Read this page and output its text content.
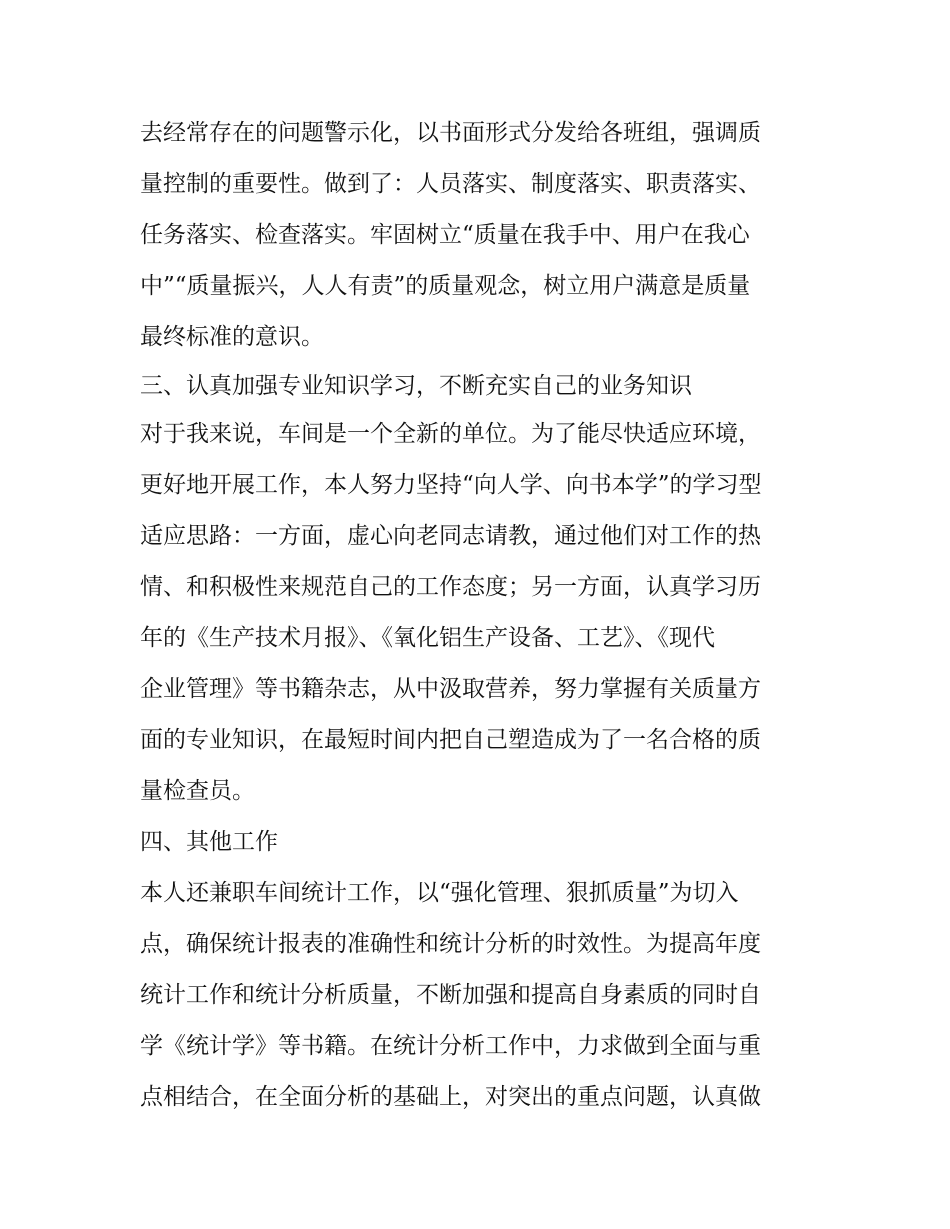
去经常存在的问题警示化，以书面形式分发给各班组，强调质
量控制的重要性。做到了：人员落实、制度落实、职责落实、
任务落实、检查落实。牢固树立“质量在我手中、用户在我心
中”“质量振兴，人人有责”的质量观念，树立用户满意是质量
最终标准的意识。
三、认真加强专业知识学习，不断充实自己的业务知识
对于我来说，车间是一个全新的单位。为了能尽快适应环境，
更好地开展工作，本人努力坚持“向人学、向书本学”的学习型
适应思路：一方面，虚心向老同志请教，通过他们对工作的热
情、和积极性来规范自己的工作态度；另一方面，认真学习历
年的《生产技术月报》、《氧化铝生产设备、工艺》、《现代
企业管理》等书籍杂志，从中汲取营养，努力掌握有关质量方
面的专业知识，在最短时间内把自己塑造成为了一名合格的质
量检查员。
四、其他工作
本人还兼职车间统计工作，以“强化管理、狠抓质量”为切入
点，确保统计报表的准确性和统计分析的时效性。为提高年度
统计工作和统计分析质量，不断加强和提高自身素质的同时自
学《统计学》等书籍。在统计分析工作中，力求做到全面与重
点相结合，在全面分析的基础上，对突出的重点问题，认真做
